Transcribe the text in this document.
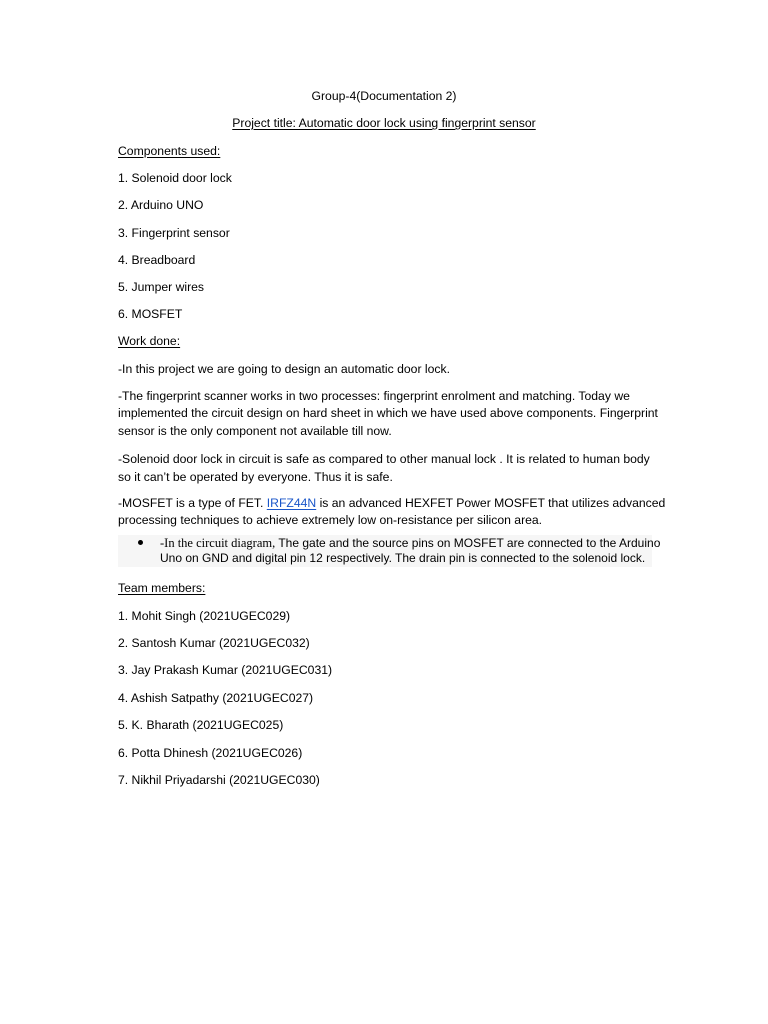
Group-4(Documentation 2)
Project title: Automatic door lock using fingerprint sensor
Components used:
1. Solenoid door lock
2. Arduino UNO
3. Fingerprint sensor
4. Breadboard
5. Jumper wires
6. MOSFET
Work done:
-In this project we are going to design an automatic door lock.
-The fingerprint scanner works in two processes: fingerprint enrolment and matching. Today we
implemented the circuit design on hard sheet in which we have used above components. Fingerprint
sensor is the only component not available till now.
-Solenoid door lock in circuit is safe as compared to other manual lock . It is related to human body
so it can’t be operated by everyone. Thus it is safe.
-MOSFET is a type of FET. IRFZ44N is an advanced HEXFET Power MOSFET that utilizes advanced
processing techniques to achieve extremely low on-resistance per silicon area.
-In the circuit diagram, The gate and the source pins on MOSFET are connected to the Arduino
Uno on GND and digital pin 12 respectively. The drain pin is connected to the solenoid lock.
Team members:
1. Mohit Singh (2021UGEC029)
2. Santosh Kumar (2021UGEC032)
3. Jay Prakash Kumar (2021UGEC031)
4. Ashish Satpathy (2021UGEC027)
5. K. Bharath (2021UGEC025)
6. Potta Dhinesh (2021UGEC026)
7. Nikhil Priyadarshi (2021UGEC030)
